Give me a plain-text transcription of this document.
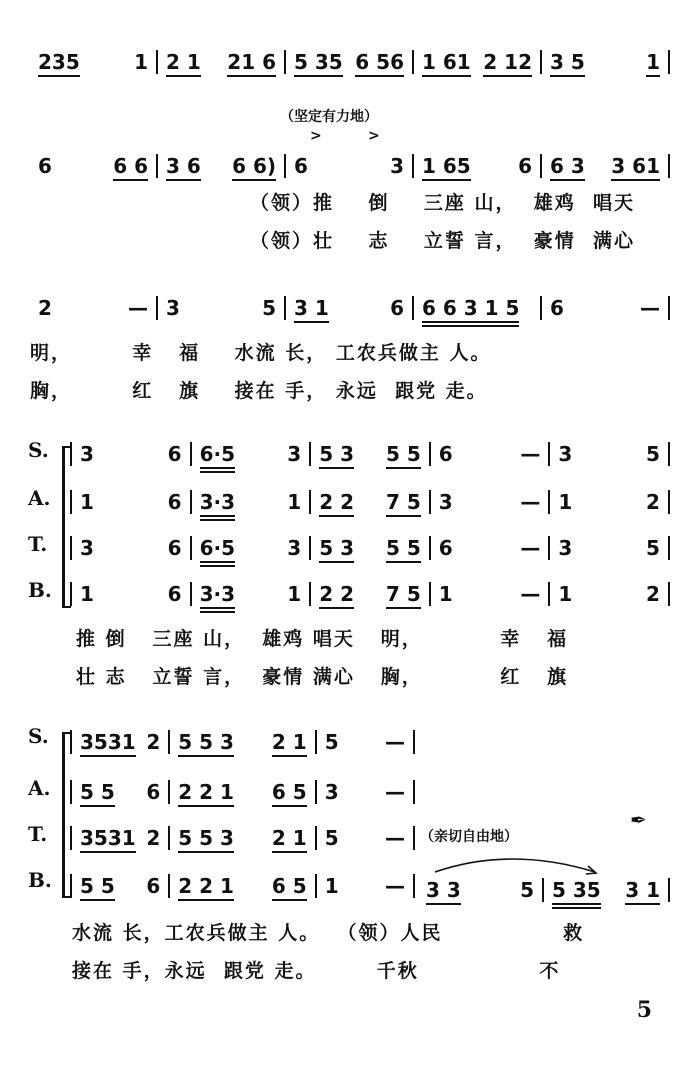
235	1 2 1 21 6 5 35 6 56 1 61 2 12 3 5	1
（坚定有力地）
>	>
6	6 6 3 6 6 6) 6	3 1 65 6 6 3 3 61
（领）推    倒    三座 山，  雄鸡  唱天
（领）壮    志    立誓 言，  豪情  满心
2	— 3	5 3 1	6 6 6 3 1 5 6	—
明，       幸   福    水流 长， 工农兵做主 人。
胸，       红   旗    接在 手， 永远  跟党 走。
S.
A.
T.
B.
3	6 6·5	3 5 3 5 5 6	— 3	5
1	6 3·3	1 2 2 7 5 3	— 1	2
3	6 6·5	3 5 3 5 5 6	— 3	5
1	6 3·3	1 2 2 7 5 1	— 1	2
推 倒   三座 山，  雄鸡 唱天   明，         幸   福
壮 志   立誓 言，  豪情 满心   胸，         红   旗
S.
A.
T.
B.
3531 2 5 5 3 2 1 5 —
5 5 6 2 2 1 6 5 3 —
3531 2 5 5 3 2 1 5 —
5 5 6 2 2 1 6 5 1 —
（亲切自由地）
✒
3 3	5 5 35 3 1
水流 长，工农兵做主 人。  （领）人民              救
接在 手，永远  跟党 走。       千秋              不
5
